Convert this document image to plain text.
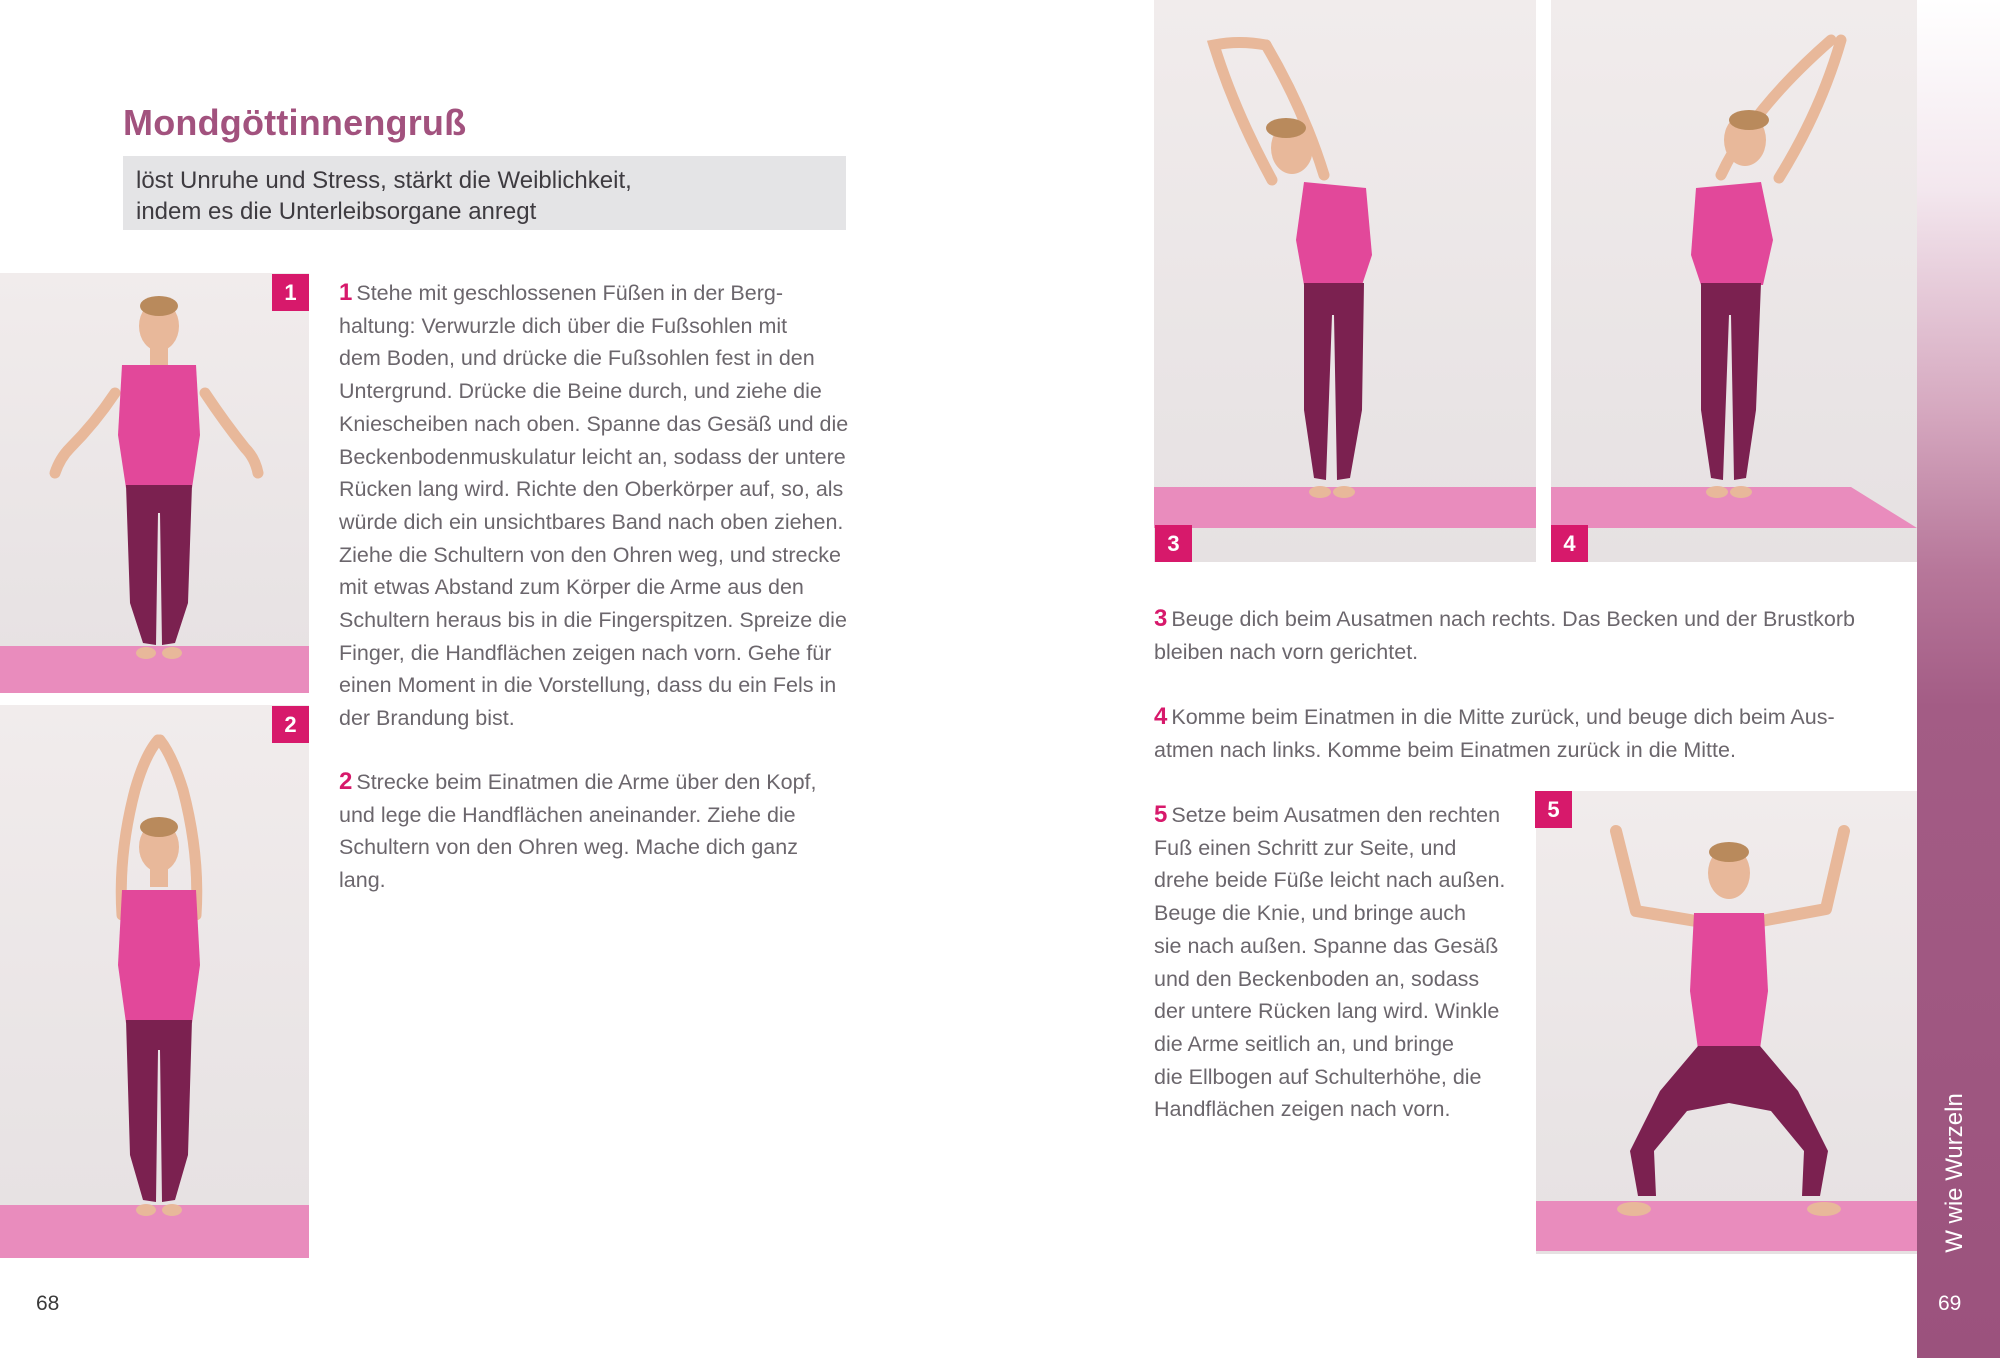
Mondgöttinnengruß
löst Unruhe und Stress, stärkt die Weiblichkeit,
indem es die Unterleibsorgane anregt
1
2
1 Stehe mit geschlossenen Füßen in der Berg-
haltung: Verwurzle dich über die Fußsohlen mit
dem Boden, und drücke die Fußsohlen fest in den
Untergrund. Drücke die Beine durch, und ziehe die
Kniescheiben nach oben. Spanne das Gesäß und die
Beckenbodenmuskulatur leicht an, sodass der untere
Rücken lang wird. Richte den Oberkörper auf, so, als
würde dich ein unsichtbares Band nach oben ziehen.
Ziehe die Schultern von den Ohren weg, und strecke
mit etwas Abstand zum Körper die Arme aus den
Schultern heraus bis in die Fingerspitzen. Spreize die
Finger, die Handflächen zeigen nach vorn. Gehe für
einen Moment in die Vorstellung, dass du ein Fels in
der Brandung bist.
2 Strecke beim Einatmen die Arme über den Kopf,
und lege die Handflächen aneinander. Ziehe die
Schultern von den Ohren weg. Mache dich ganz
lang.
68
3	4
W wie Wurzeln
69
3 Beuge dich beim Ausatmen nach rechts. Das Becken und der Brustkorb
bleiben nach vorn gerichtet.
4 Komme beim Einatmen in die Mitte zurück, und beuge dich beim Aus-
atmen nach links. Komme beim Einatmen zurück in die Mitte.
5 Setze beim Ausatmen den rechten
Fuß einen Schritt zur Seite, und
drehe beide Füße leicht nach außen.
Beuge die Knie, und bringe auch
sie nach außen. Spanne das Gesäß
und den Beckenboden an, sodass
der untere Rücken lang wird. Winkle
die Arme seitlich an, und bringe
die Ellbogen auf Schulterhöhe, die
Handflächen zeigen nach vorn.
5
